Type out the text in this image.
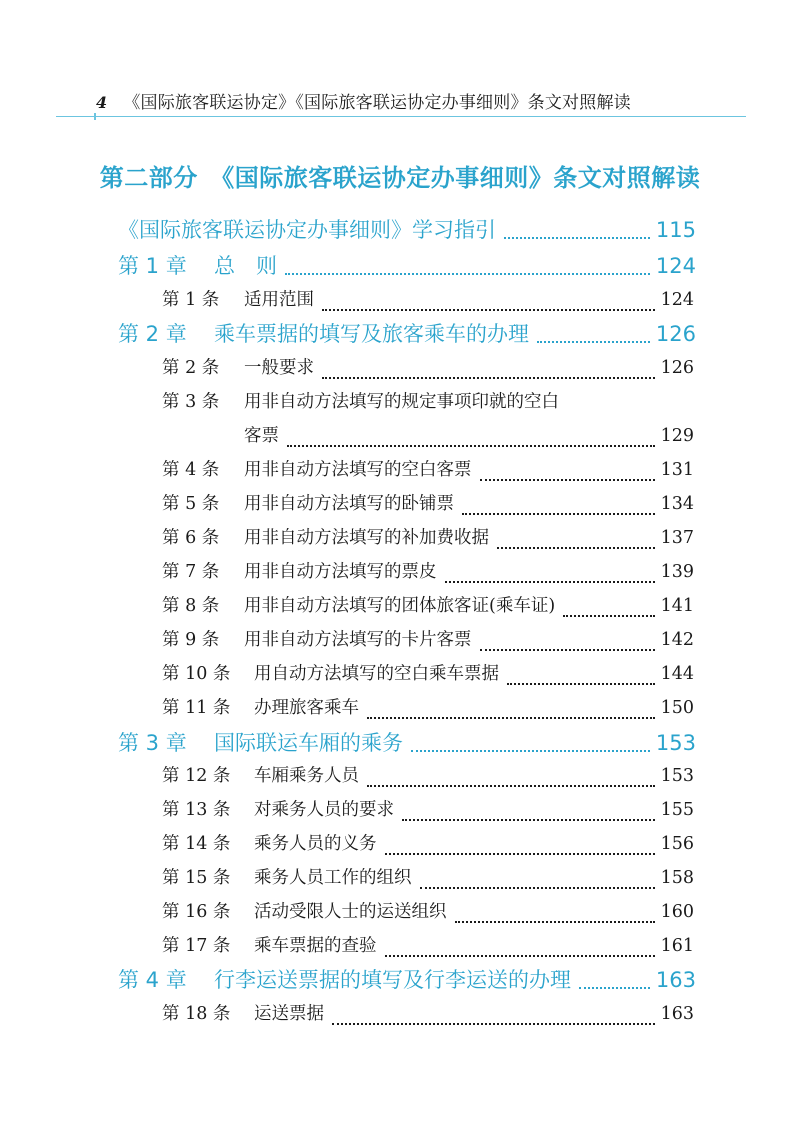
4 《国际旅客联运协定》《国际旅客联运协定办事细则》条文对照解读
第二部分　《国际旅客联运协定办事细则》条文对照解读
《国际旅客联运协定办事细则》学习指引	115
第 1 章	总　则	124
第 1 条	适用范围	124
第 2 章	乘车票据的填写及旅客乘车的办理	126
第 2 条	一般要求	126
第 3 条	用非自动方法填写的规定事项印就的空白
客票	129
第 4 条	用非自动方法填写的空白客票	131
第 5 条	用非自动方法填写的卧铺票	134
第 6 条	用非自动方法填写的补加费收据	137
第 7 条	用非自动方法填写的票皮	139
第 8 条	用非自动方法填写的团体旅客证(乘车证)	141
第 9 条	用非自动方法填写的卡片客票	142
第 10 条	用自动方法填写的空白乘车票据	144
第 11 条	办理旅客乘车	150
第 3 章	国际联运车厢的乘务	153
第 12 条	车厢乘务人员	153
第 13 条	对乘务人员的要求	155
第 14 条	乘务人员的义务	156
第 15 条	乘务人员工作的组织	158
第 16 条	活动受限人士的运送组织	160
第 17 条	乘车票据的查验	161
第 4 章	行李运送票据的填写及行李运送的办理	163
第 18 条	运送票据	163
